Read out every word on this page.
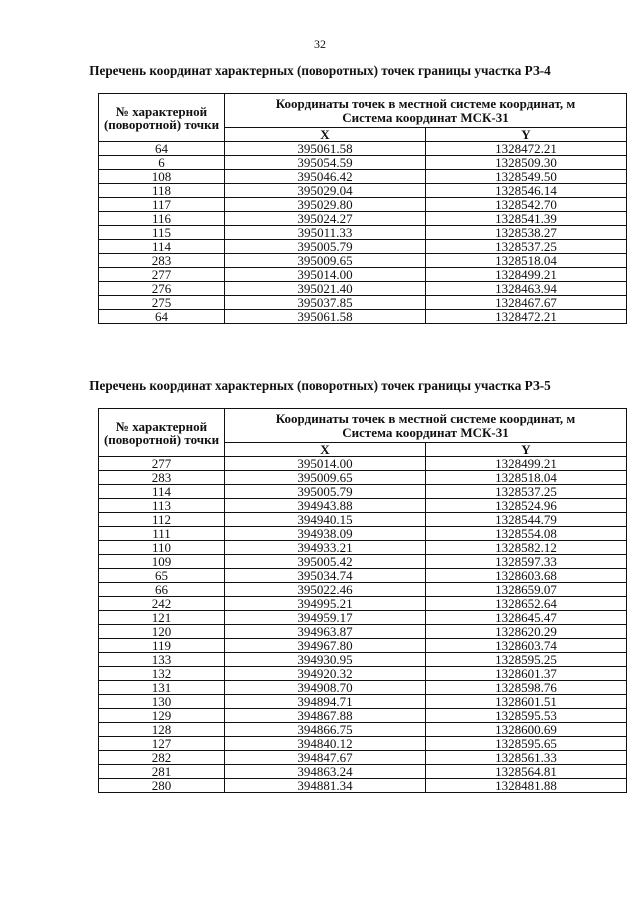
32
Перечень координат характерных (поворотных) точек границы участка РЗ-4
№ характерной (поворотной) точки	Координаты точек в местной системе координат, м
Система координат МСК-31	

	X	Y
64	395061.58	1328472.21
6	395054.59	1328509.30
108	395046.42	1328549.50
118	395029.04	1328546.14
117	395029.80	1328542.70
116	395024.27	1328541.39
115	395011.33	1328538.27
114	395005.79	1328537.25
283	395009.65	1328518.04
277	395014.00	1328499.21
276	395021.40	1328463.94
275	395037.85	1328467.67
64	395061.58	1328472.21
Перечень координат характерных (поворотных) точек границы участка РЗ-5
№ характерной (поворотной) точки	Координаты точек в местной системе координат, м
Система координат МСК-31	

	X	Y
277	395014.00	1328499.21
283	395009.65	1328518.04
114	395005.79	1328537.25
113	394943.88	1328524.96
112	394940.15	1328544.79
111	394938.09	1328554.08
110	394933.21	1328582.12
109	395005.42	1328597.33
65	395034.74	1328603.68
66	395022.46	1328659.07
242	394995.21	1328652.64
121	394959.17	1328645.47
120	394963.87	1328620.29
119	394967.80	1328603.74
133	394930.95	1328595.25
132	394920.32	1328601.37
131	394908.70	1328598.76
130	394894.71	1328601.51
129	394867.88	1328595.53
128	394866.75	1328600.69
127	394840.12	1328595.65
282	394847.67	1328561.33
281	394863.24	1328564.81
280	394881.34	1328481.88
